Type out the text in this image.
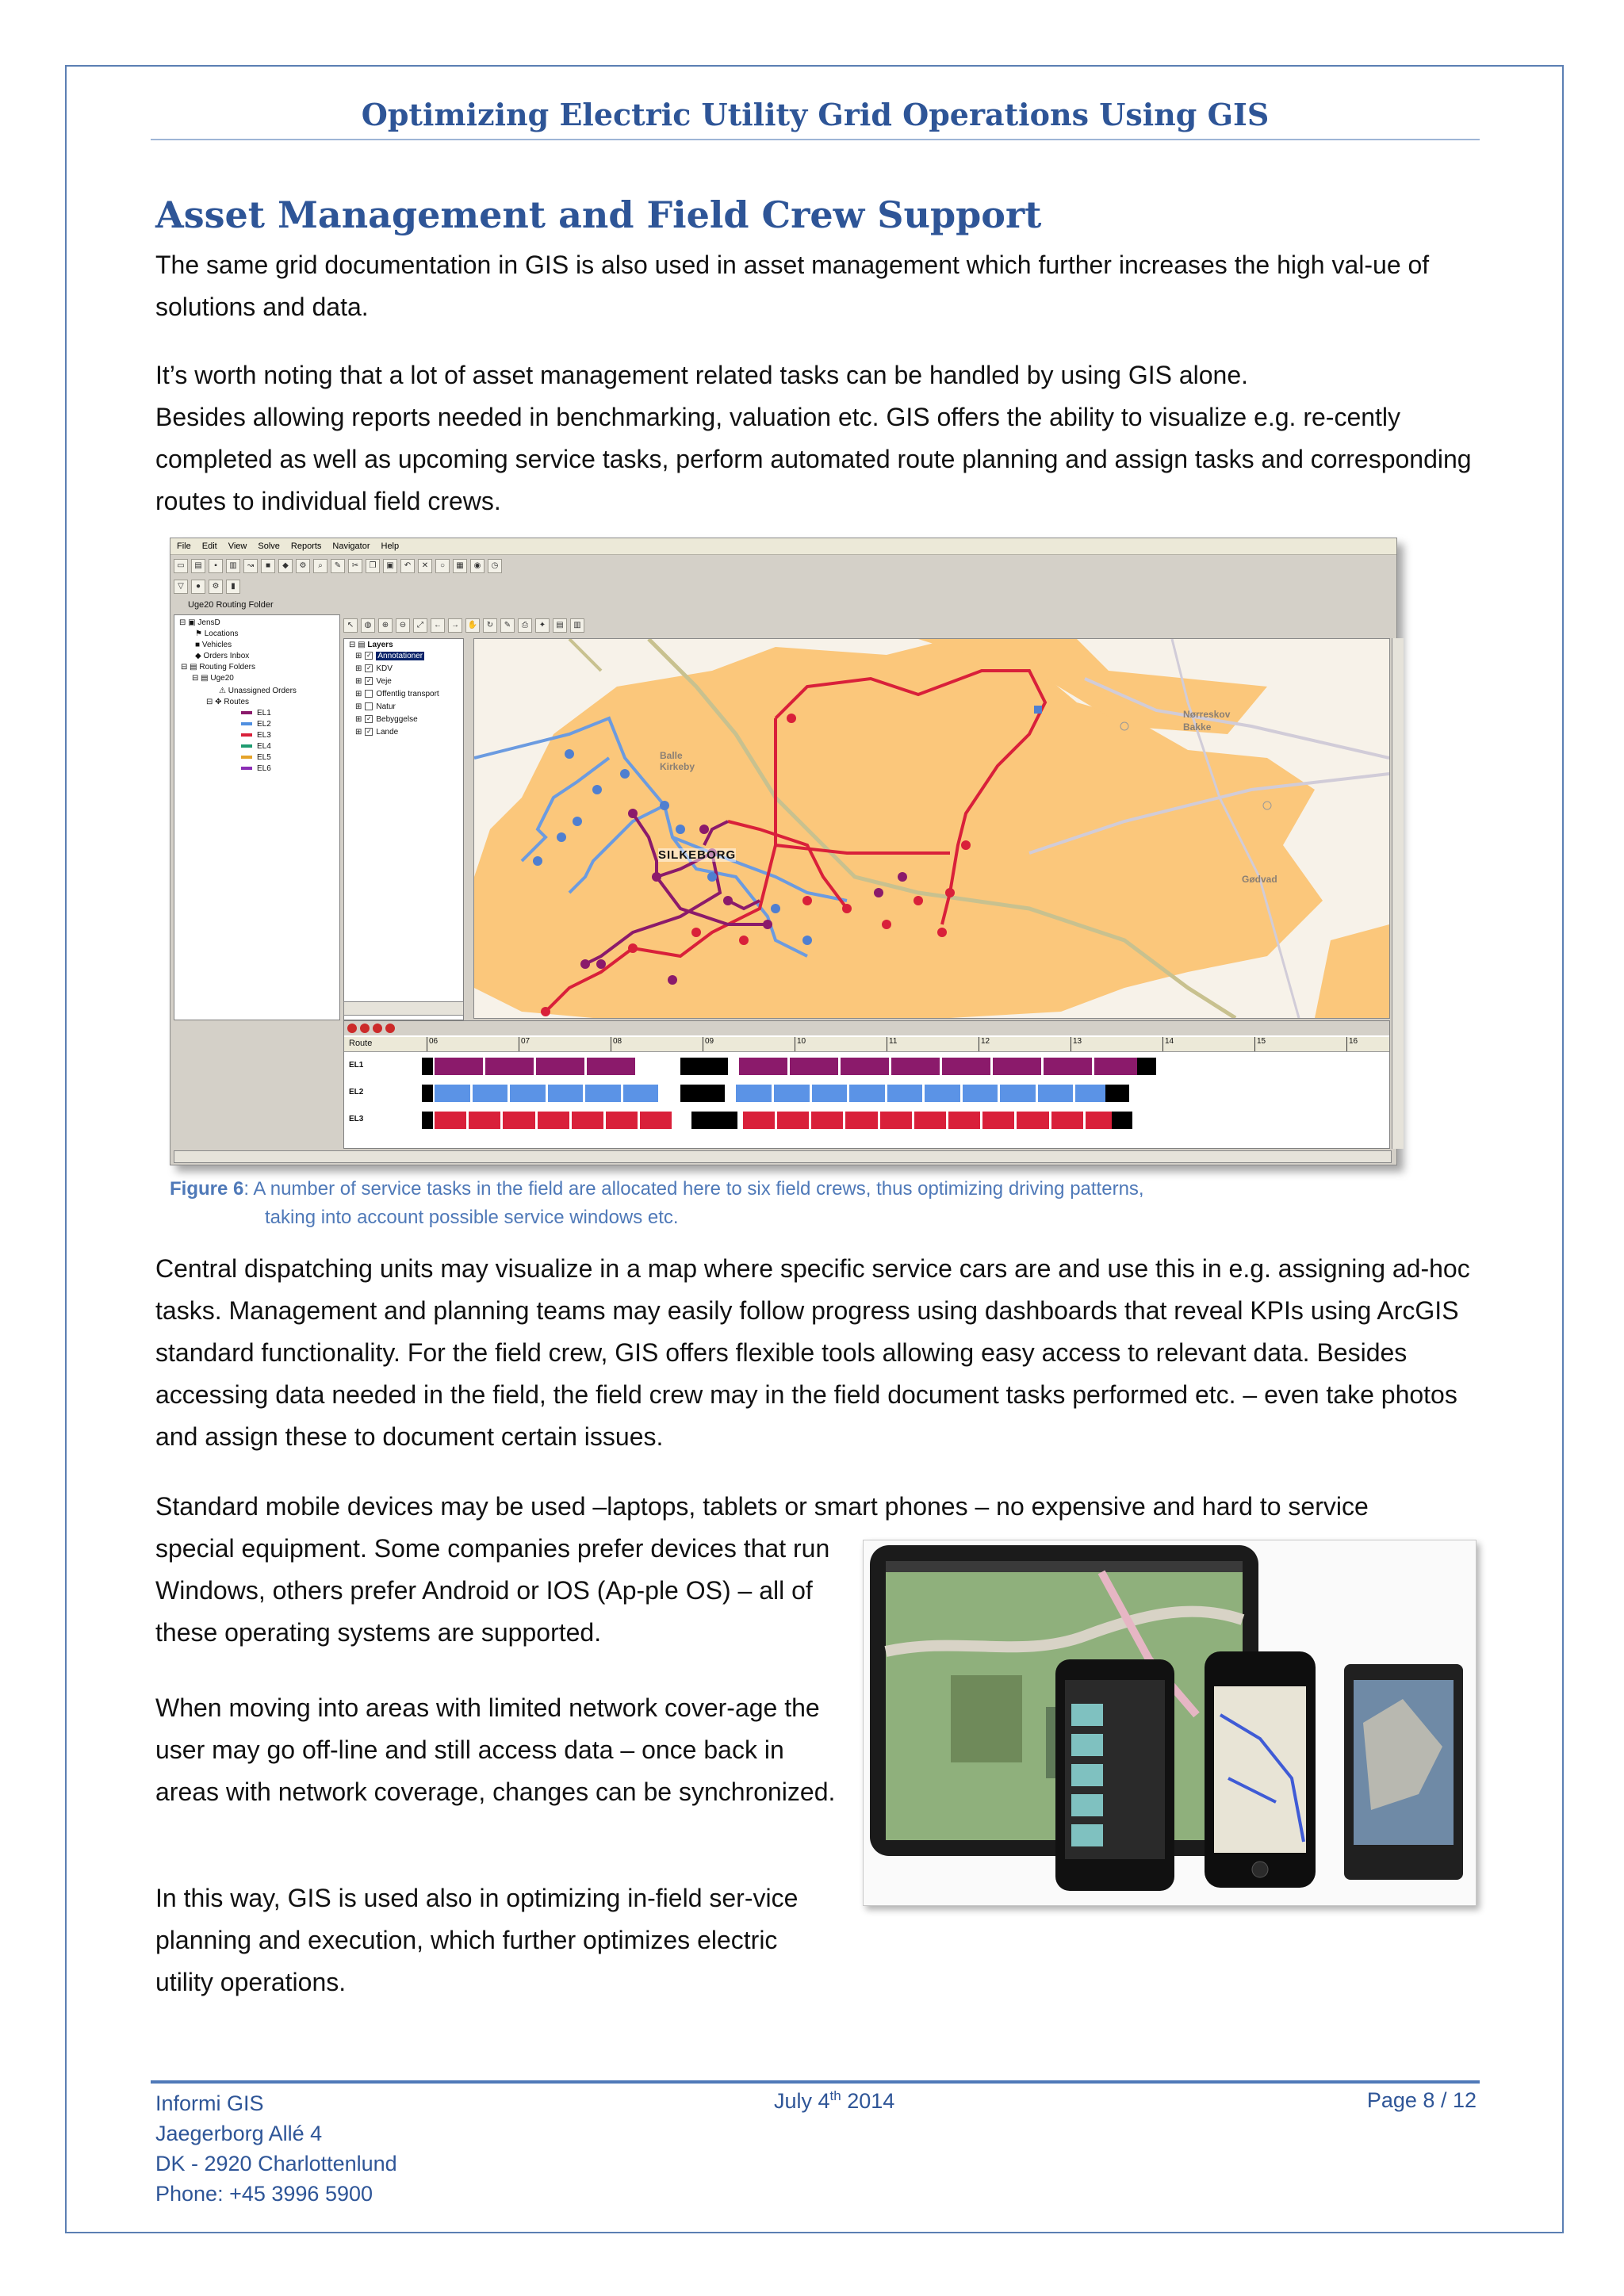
Optimizing Electric Utility Grid Operations Using GIS
Asset Management and Field Crew Support
The same grid documentation in GIS is also used in asset management which further increases the high val-ue of solutions and data.

It’s worth noting that a lot of asset management related tasks can be handled by using GIS alone.

Besides allowing reports needed in benchmarking, valuation etc. GIS offers the ability to visualize e.g. re-cently completed as well as upcoming service tasks, perform automated route planning and assign tasks and corresponding routes to individual field crews.

File Edit View Solve Reports Navigator Help
▭	▤	▪	▥	↝	■	◆	⚙	⌕	✎	✂	❐	▣	↶	✕	○	▦	◉	◷
▽	●	⚙	▮
Uge20 Routing Folder
⊟ ▣ JensD
⚑ Locations
■ Vehicles
◆ Orders Inbox
⊟ ▤ Routing Folders
⊟ ▤ Uge20
⚠ Unassigned Orders
⊟ ✥ Routes
EL1
EL2
EL3
EL4
EL5
EL6
↖	◍	⊕	⊖	⤢	←	→	✋	↻	✎	⎙	✦	▤	▥
⊟ ▤ Layers
⊞ ✓ Annotationer
⊞ ✓ KDV
⊞ ✓ Veje
⊞ Offentlig transport
⊞ Natur
⊞ ✓ Bebyggelse
⊞ ✓ Lande
SILKEBORG
Balle
Kirkeby
Nørreskov
Bakke
Gødvad
Route	06	07	08	09	10	11	12	13	14	15	16
EL1
EL2
EL3
Figure 6: A number of service tasks in the field are allocated here to six field crews, thus optimizing driving patterns,
taking into account possible service windows etc.
Central dispatching units may visualize in a map where specific service cars are and use this in e.g. assigning ad-hoc tasks. Management and planning teams may easily follow progress using dashboards that reveal KPIs using ArcGIS standard functionality. For the field crew, GIS offers flexible tools allowing easy access to relevant data. Besides accessing data needed in the field, the field crew may in the field document tasks performed etc. – even take photos and assign these to document certain issues.
Standard mobile devices may be used –laptops, tablets or smart phones – no expensive and hard to service
special equipment. Some companies prefer devices that run Windows, others prefer Android or IOS (Ap-ple OS) – all of these operating systems are supported.
When moving into areas with limited network cover-age the user may go off-line and still access data – once back in areas with network coverage, changes can be synchronized.
In this way, GIS is used also in optimizing in-field ser-vice planning and execution, which further optimizes electric utility operations.
Informi GIS
Jaegerborg Allé 4
DK - 2920 Charlottenlund
Phone: +45 3996 5900
July 4th 2014	Page 8 / 12
